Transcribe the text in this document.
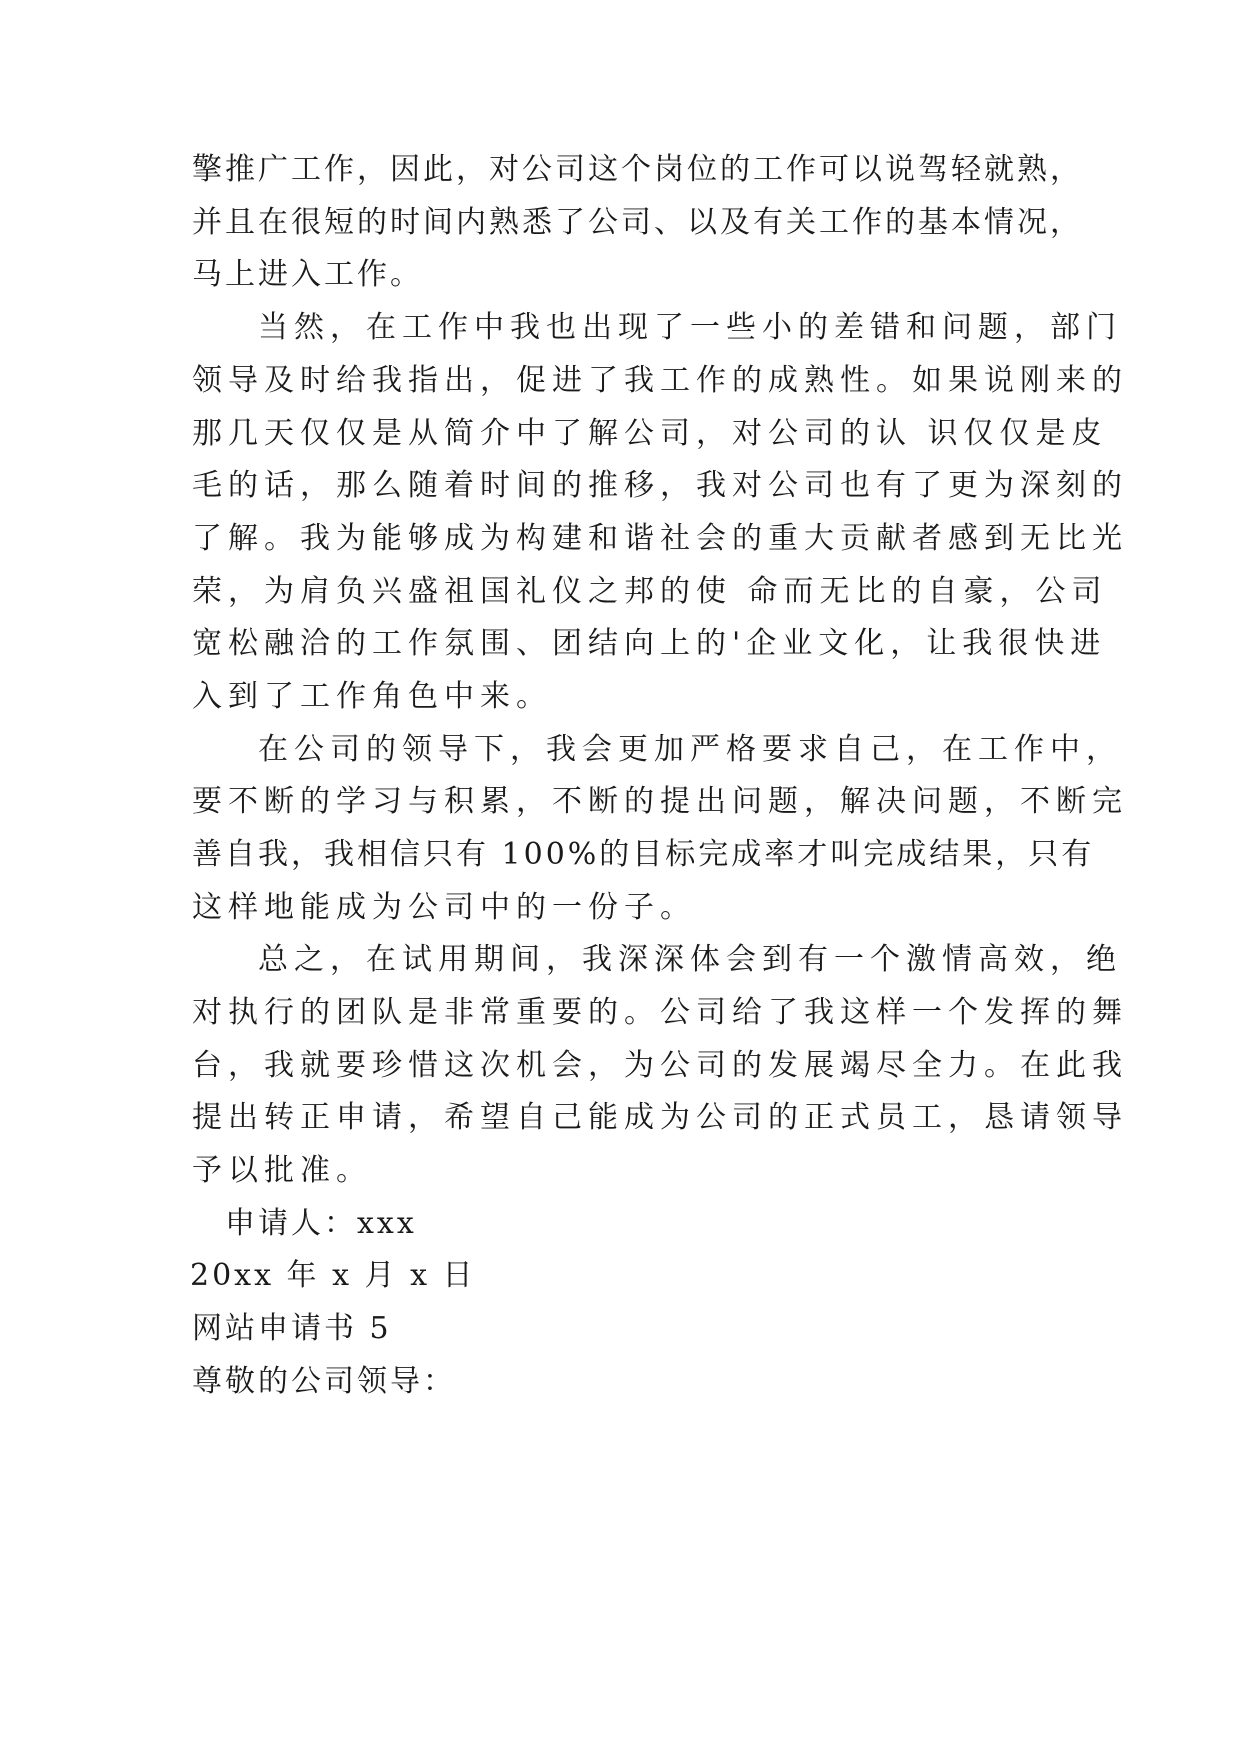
擎推广工作，因此，对公司这个岗位的工作可以说驾轻就熟，
并且在很短的时间内熟悉了公司、以及有关工作的基本情况，
马上进入工作。
当然，在工作中我也出现了一些小的差错和问题，部门
领导及时给我指出，促进了我工作的成熟性。如果说刚来的
那几天仅仅是从简介中了解公司，对公司的认 识仅仅是皮
毛的话，那么随着时间的推移，我对公司也有了更为深刻的
了解。我为能够成为构建和谐社会的重大贡献者感到无比光
荣，为肩负兴盛祖国礼仪之邦的使 命而无比的自豪，公司
宽松融洽的工作氛围、团结向上的'企业文化，让我很快进
入到了工作角色中来。
在公司的领导下，我会更加严格要求自己，在工作中，
要不断的学习与积累，不断的提出问题，解决问题，不断完
善自我，我相信只有 100%的目标完成率才叫完成结果，只有
这样地能成为公司中的一份子。
总之，在试用期间，我深深体会到有一个激情高效，绝
对执行的团队是非常重要的。公司给了我这样一个发挥的舞
台，我就要珍惜这次机会，为公司的发展竭尽全力。在此我
提出转正申请，希望自己能成为公司的正式员工，恳请领导
予以批准。
申请人：xxx
20xx 年 x 月 x 日
网站申请书 5
尊敬的公司领导：
